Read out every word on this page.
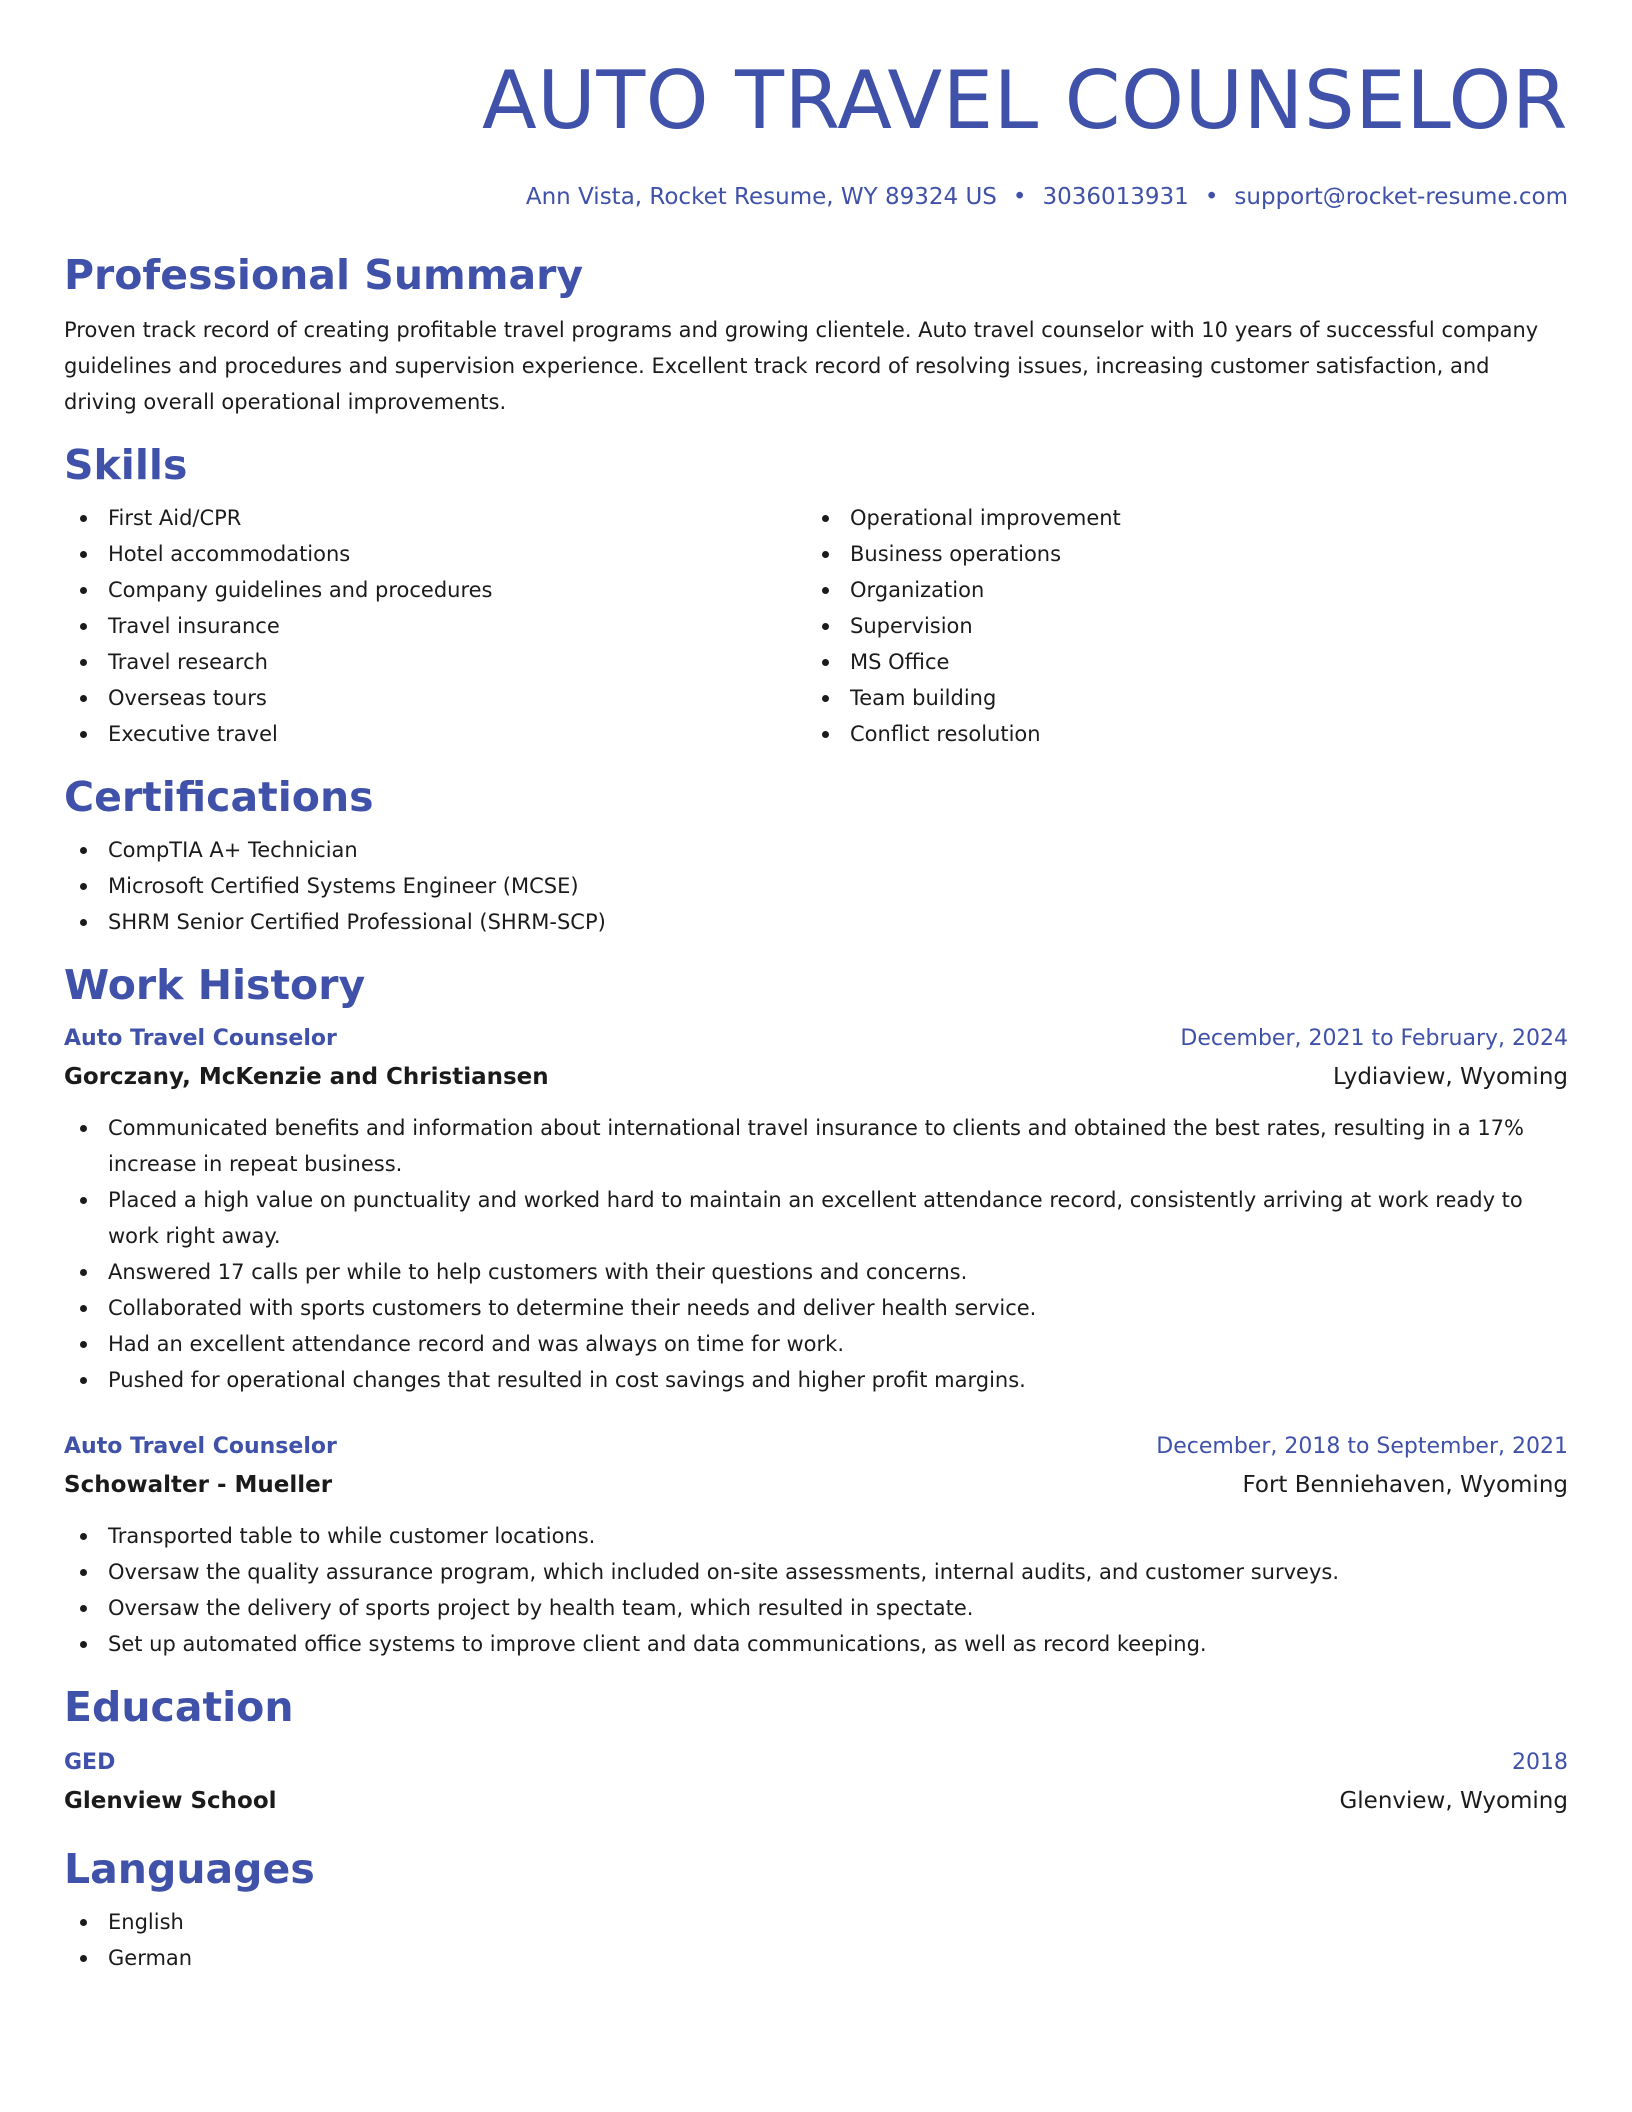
AUTO TRAVEL COUNSELOR
Ann Vista, Rocket Resume, WY 89324 US • 3036013931 • support@rocket-resume.com
Professional Summary

Proven track record of creating profitable travel programs and growing clientele. Auto travel counselor with 10 years of successful company guidelines and procedures and supervision experience. Excellent track record of resolving issues, increasing customer satisfaction, and driving overall operational improvements.

Skills
First Aid/CPR
Hotel accommodations
Company guidelines and procedures
Travel insurance
Travel research
Overseas tours
Executive travel
Operational improvement
Business operations
Organization
Supervision
MS Office
Team building
Conflict resolution
Certifications
CompTIA A+ Technician
Microsoft Certified Systems Engineer (MCSE)
SHRM Senior Certified Professional (SHRM-SCP)
Work History
Auto Travel Counselor	December, 2021 to February, 2024
Gorczany, McKenzie and Christiansen	Lydiaview, Wyoming
Communicated benefits and information about international travel insurance to clients and obtained the best rates, resulting in a 17% increase in repeat business.
Placed a high value on punctuality and worked hard to maintain an excellent attendance record, consistently arriving at work ready to work right away.
Answered 17 calls per while to help customers with their questions and concerns.
Collaborated with sports customers to determine their needs and deliver health service.
Had an excellent attendance record and was always on time for work.
Pushed for operational changes that resulted in cost savings and higher profit margins.
Auto Travel Counselor	December, 2018 to September, 2021
Schowalter - Mueller	Fort Benniehaven, Wyoming
Transported table to while customer locations.
Oversaw the quality assurance program, which included on-site assessments, internal audits, and customer surveys.
Oversaw the delivery of sports project by health team, which resulted in spectate.
Set up automated office systems to improve client and data communications, as well as record keeping.
Education
GED	2018
Glenview School	Glenview, Wyoming
Languages
English
German
